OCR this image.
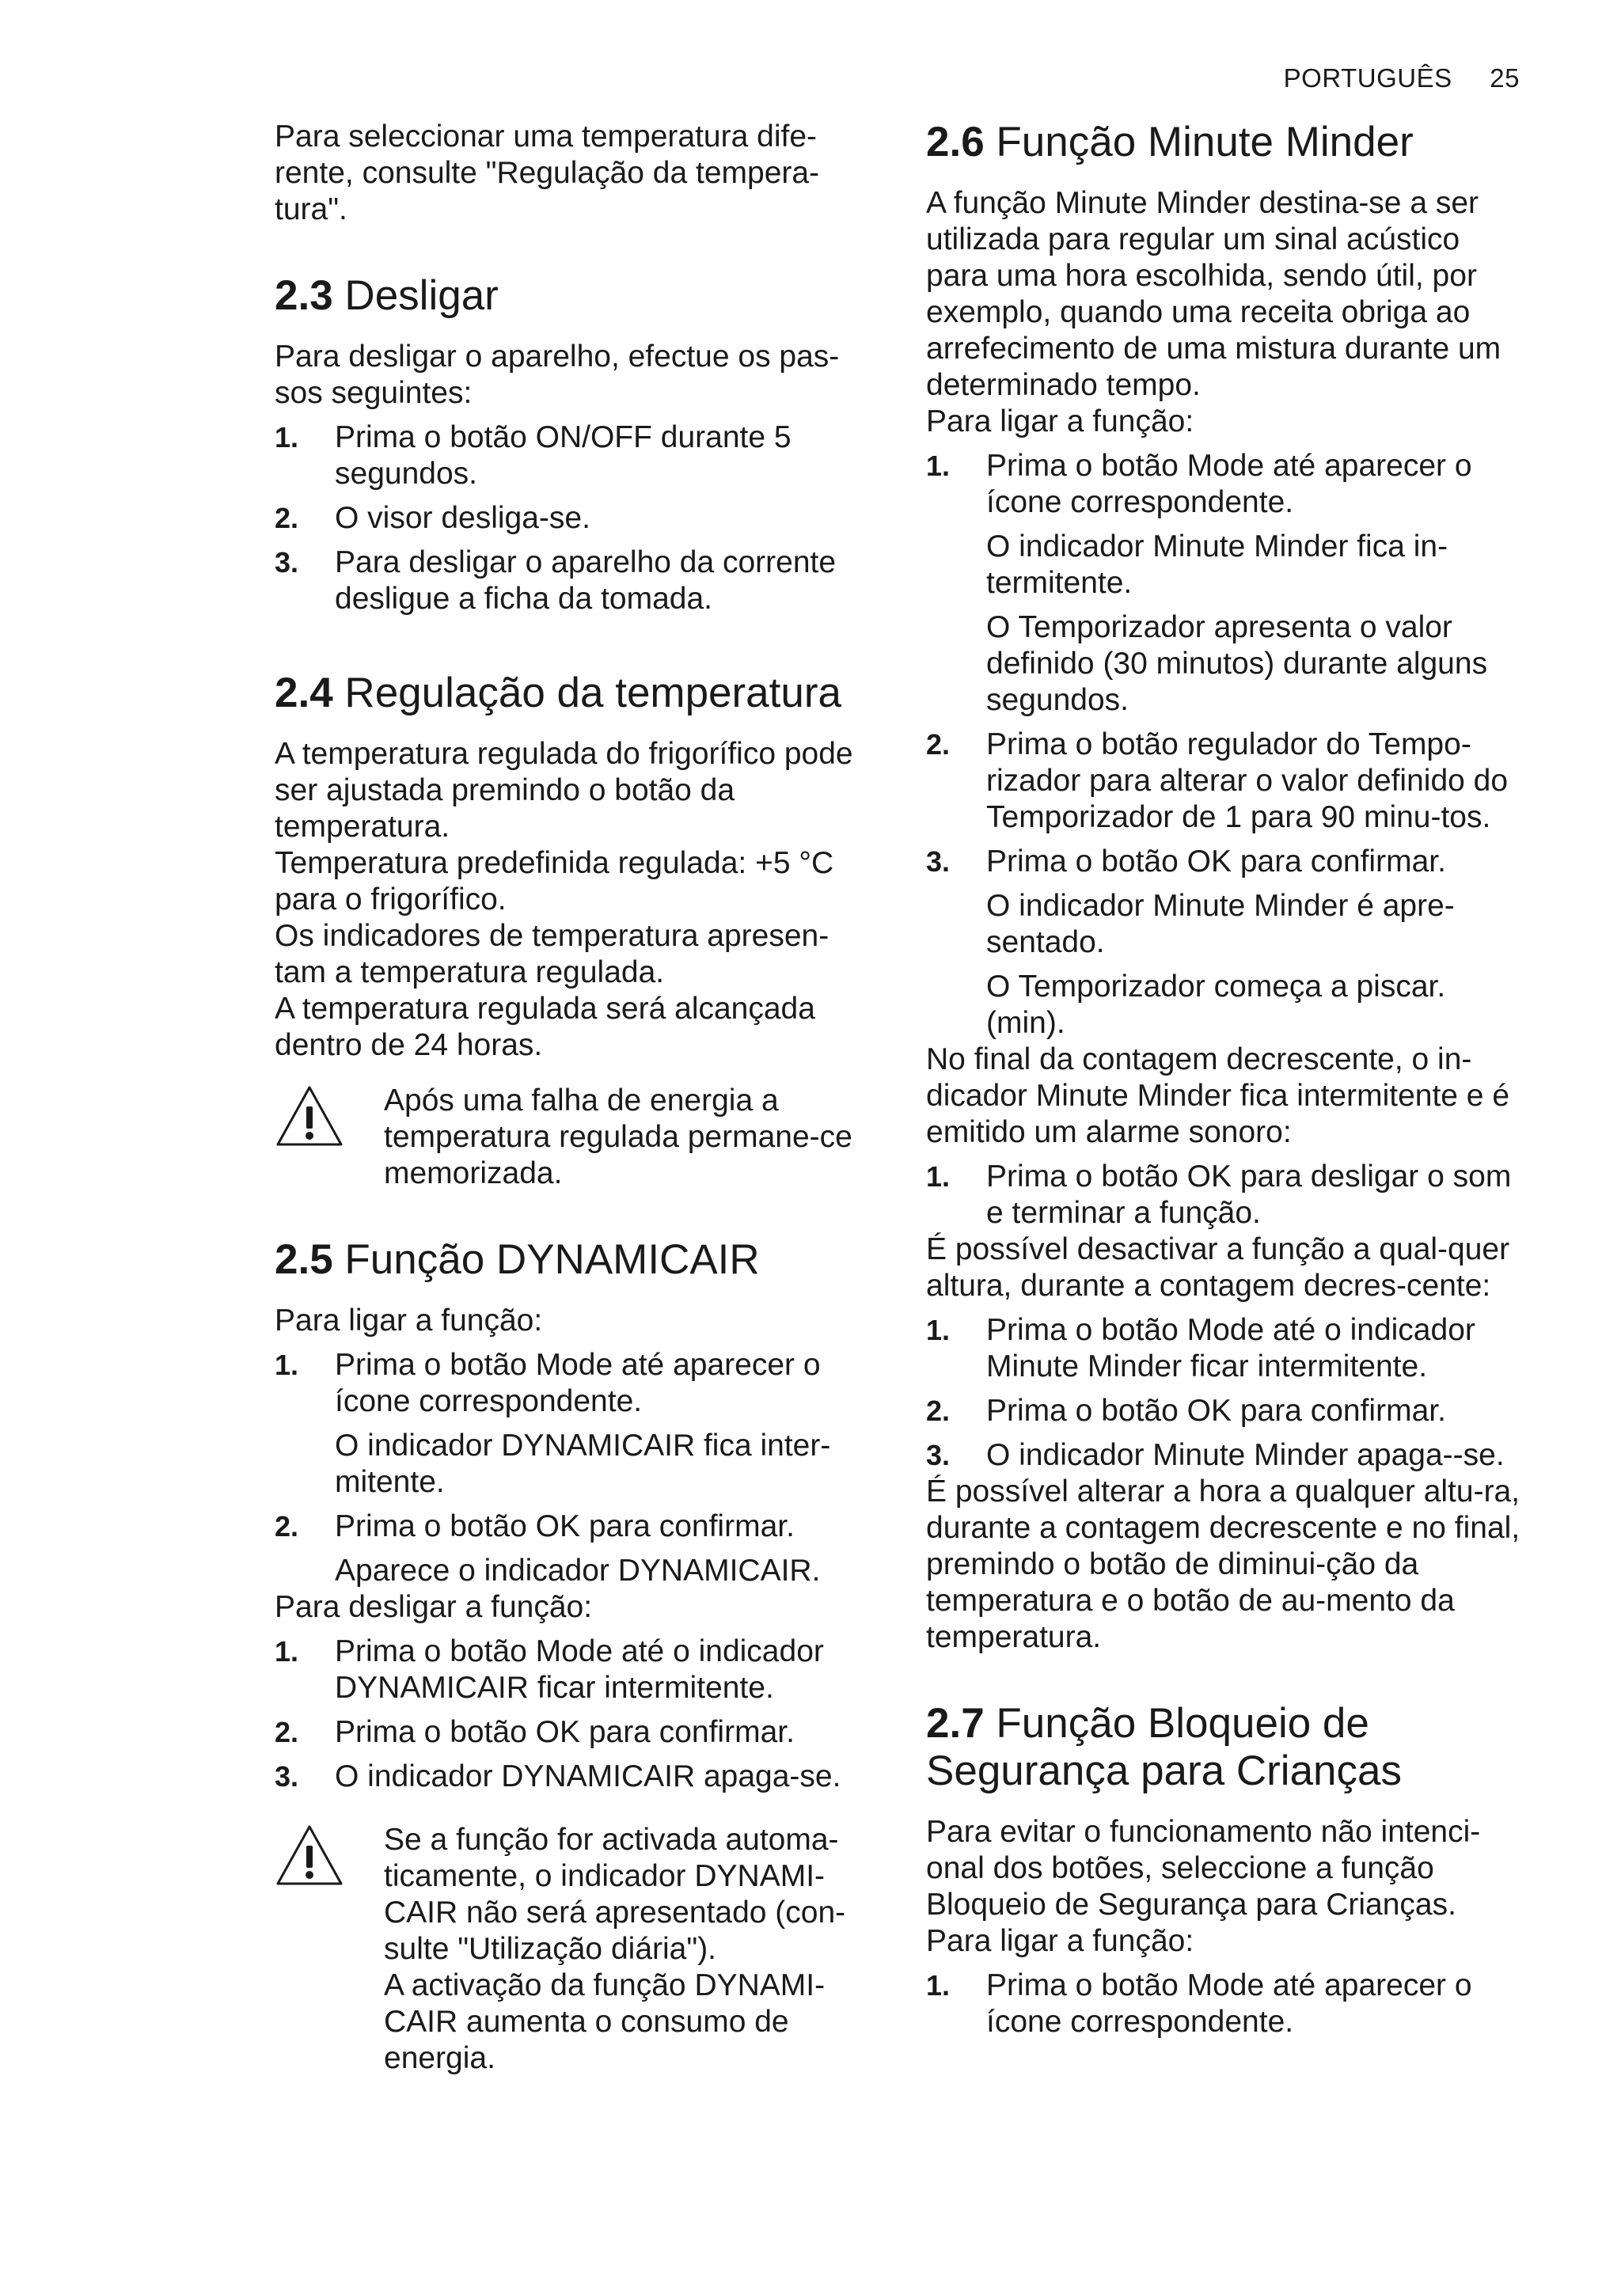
PORTUGUÊS 25

Para seleccionar uma temperatura dife-rente, consulte "Regulação da tempera-tura".

2.3 Desligar

Para desligar o aparelho, efectue os pas-sos seguintes:

1. Prima o botão ON/OFF durante 5 segundos.
2. O visor desliga-se.
3. Para desligar o aparelho da corrente desligue a ficha da tomada.
2.4 Regulação da temperatura

A temperatura regulada do frigorífico pode ser ajustada premindo o botão da temperatura.

Temperatura predefinida regulada: +5 °C para o frigorífico.

Os indicadores de temperatura apresen-tam a temperatura regulada.

A temperatura regulada será alcançada dentro de 24 horas.

Após uma falha de energia a temperatura regulada permane-ce memorizada.

2.5 Função DYNAMICAIR

Para ligar a função:

1. Prima o botão Mode até aparecer o ícone correspondente.
O indicador DYNAMICAIR fica inter-mitente.
2. Prima o botão OK para confirmar.
Aparece o indicador DYNAMICAIR.

Para desligar a função:

1. Prima o botão Mode até o indicador DYNAMICAIR ficar intermitente.
2. Prima o botão OK para confirmar.
3. O indicador DYNAMICAIR apaga-se.

Se a função for activada automa-ticamente, o indicador DYNAMI-CAIR não será apresentado (con-sulte "Utilização diária").

A activação da função DYNAMI-CAIR aumenta o consumo de energia.

2.6 Função Minute Minder

A função Minute Minder destina-se a ser utilizada para regular um sinal acústico para uma hora escolhida, sendo útil, por exemplo, quando uma receita obriga ao arrefecimento de uma mistura durante um determinado tempo.

Para ligar a função:

1. Prima o botão Mode até aparecer o ícone correspondente.
O indicador Minute Minder fica in-termitente.
O Temporizador apresenta o valor definido (30 minutos) durante alguns segundos.
2. Prima o botão regulador do Tempo-rizador para alterar o valor definido do Temporizador de 1 para 90 minu-tos.
3. Prima o botão OK para confirmar.
O indicador Minute Minder é apre-sentado.
O Temporizador começa a piscar. (min).

No final da contagem decrescente, o in-dicador Minute Minder fica intermitente e é emitido um alarme sonoro:

1. Prima o botão OK para desligar o som e terminar a função.

É possível desactivar a função a qual-quer altura, durante a contagem decres-cente:

1. Prima o botão Mode até o indicador Minute Minder ficar intermitente.
2. Prima o botão OK para confirmar.
3. O indicador Minute Minder apaga--se.

É possível alterar a hora a qualquer altu-ra, durante a contagem decrescente e no final, premindo o botão de diminui-ção da temperatura e o botão de au-mento da temperatura.

2.7 Função Bloqueio de
Segurança para Crianças

Para evitar o funcionamento não intenci-onal dos botões, seleccione a função Bloqueio de Segurança para Crianças.

Para ligar a função:

1. Prima o botão Mode até aparecer o ícone correspondente.
